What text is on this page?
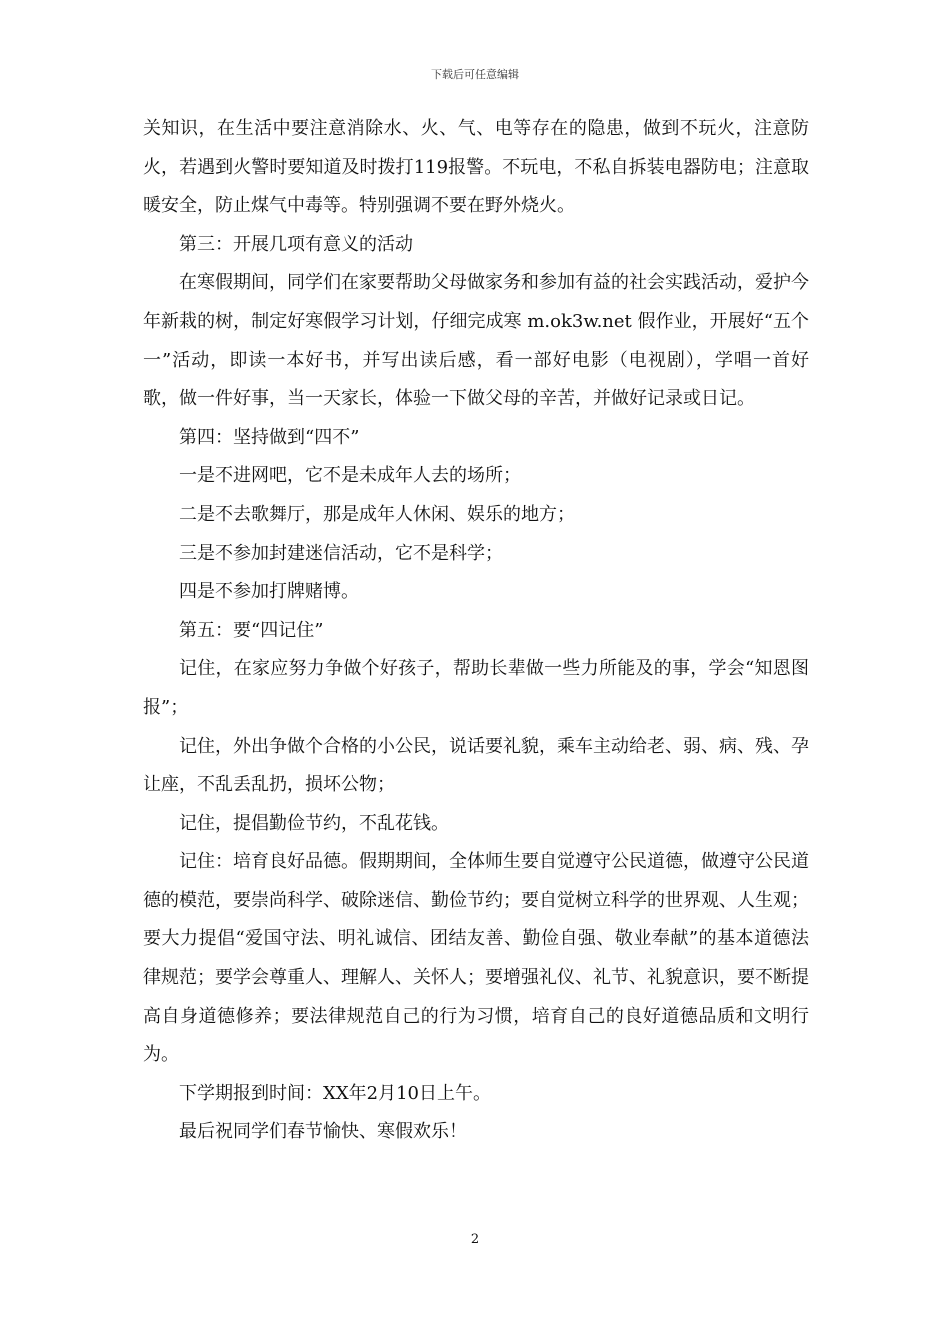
下载后可任意编辑

关知识，在生活中要注意消除水、火、气、电等存在的隐患，做到不玩火，注意防火，若遇到火警时要知道及时拨打119报警。不玩电，不私自拆装电器防电；注意取暖安全，防止煤气中毒等。特别强调不要在野外烧火。

第三：开展几项有意义的活动

在寒假期间，同学们在家要帮助父母做家务和参加有益的社会实践活动，爱护今年新栽的树，制定好寒假学习计划，仔细完成寒 m.ok3w.net 假作业，开展好“五个一”活动，即读一本好书，并写出读后感，看一部好电影（电视剧），学唱一首好歌，做一件好事，当一天家长，体验一下做父母的辛苦，并做好记录或日记。

第四：坚持做到“四不”

一是不进网吧，它不是未成年人去的场所；

二是不去歌舞厅，那是成年人休闲、娱乐的地方；

三是不参加封建迷信活动，它不是科学；

四是不参加打牌赌博。

第五：要“四记住”

记住，在家应努力争做个好孩子，帮助长辈做一些力所能及的事，学会“知恩图报”；

记住，外出争做个合格的小公民，说话要礼貌，乘车主动给老、弱、病、残、孕让座，不乱丢乱扔，损坏公物；

记住，提倡勤俭节约，不乱花钱。

记住：培育良好品德。假期期间，全体师生要自觉遵守公民道德，做遵守公民道德的模范，要崇尚科学、破除迷信、勤俭节约；要自觉树立科学的世界观、人生观；要大力提倡“爱国守法、明礼诚信、团结友善、勤俭自强、敬业奉献”的基本道德法律规范；要学会尊重人、理解人、关怀人；要增强礼仪、礼节、礼貌意识，要不断提高自身道德修养；要法律规范自己的行为习惯，培育自己的良好道德品质和文明行为。

下学期报到时间：XX年2月10日上午。

最后祝同学们春节愉快、寒假欢乐！

2
